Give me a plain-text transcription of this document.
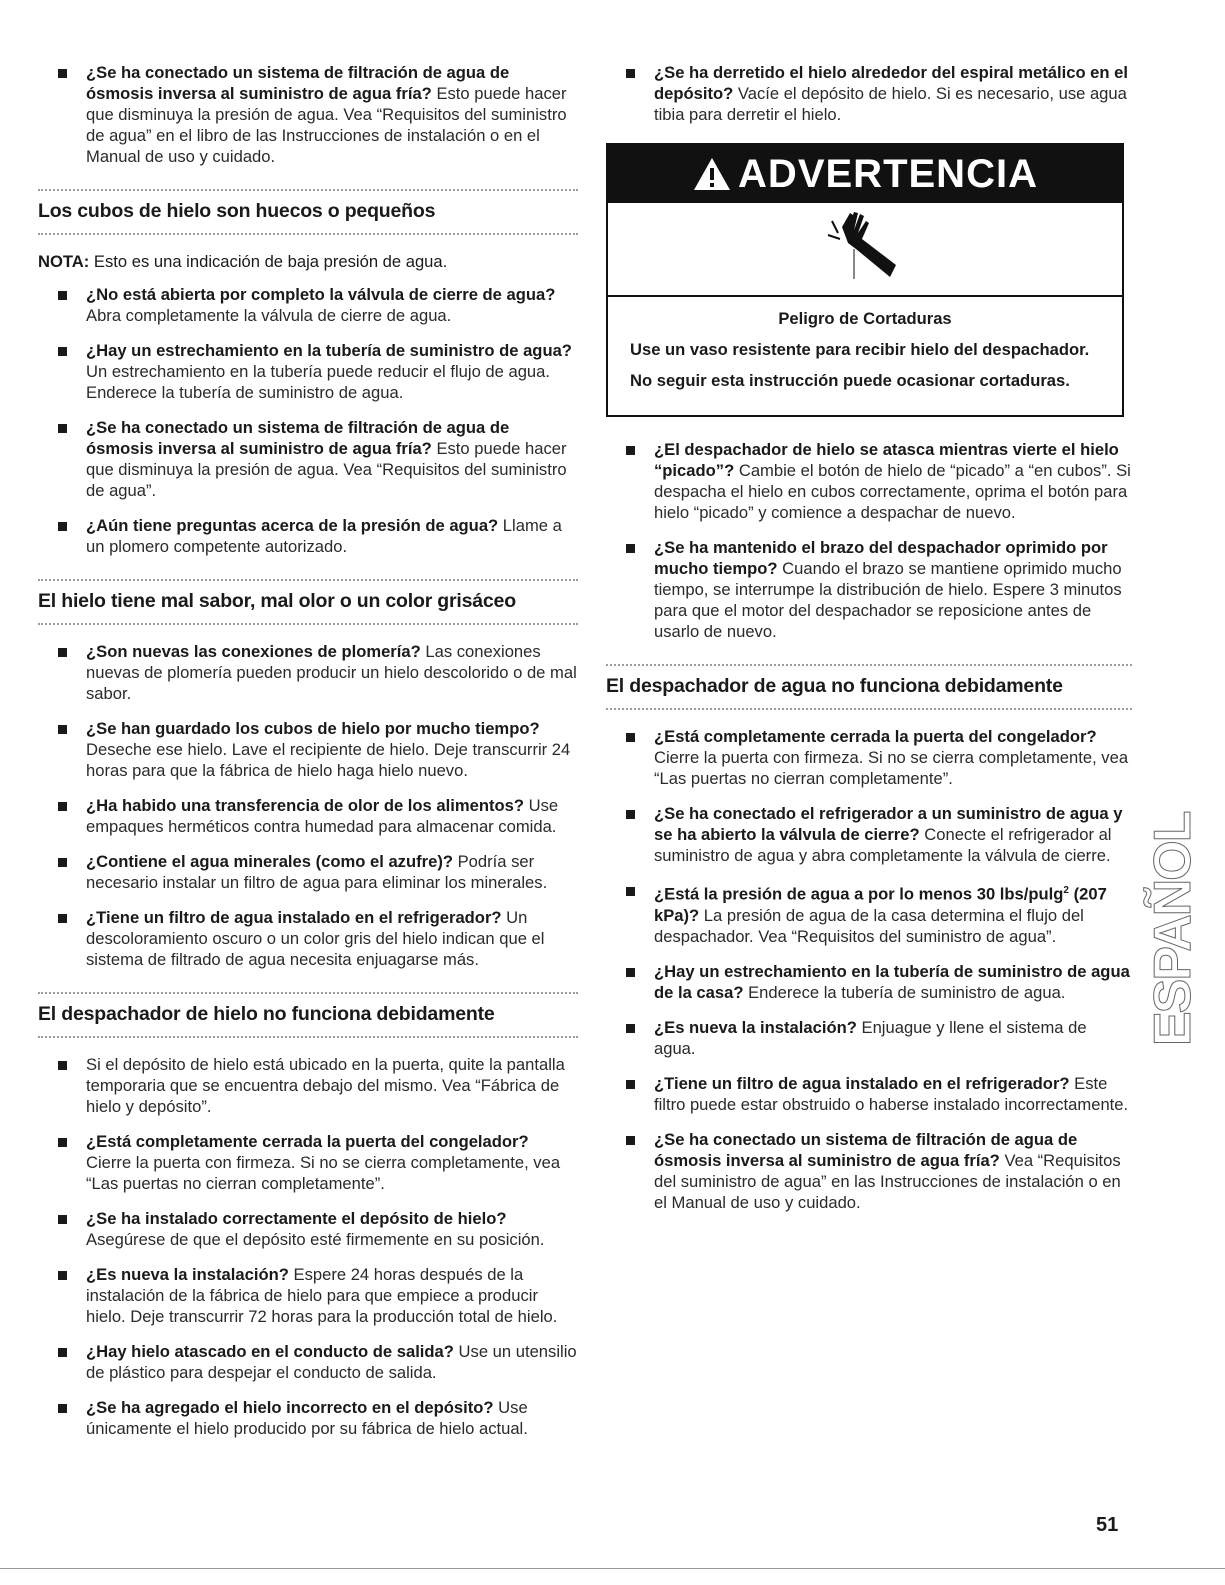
¿Se ha conectado un sistema de filtración de agua de ósmosis inversa al suministro de agua fría? Esto puede hacer que disminuya la presión de agua. Vea “Requisitos del suministro de agua” en el libro de las Instrucciones de instalación o en el Manual de uso y cuidado.
Los cubos de hielo son huecos o pequeños
NOTA: Esto es una indicación de baja presión de agua.
¿No está abierta por completo la válvula de cierre de agua? Abra completamente la válvula de cierre de agua.
¿Hay un estrechamiento en la tubería de suministro de agua? Un estrechamiento en la tubería puede reducir el flujo de agua. Enderece la tubería de suministro de agua.
¿Se ha conectado un sistema de filtración de agua de ósmosis inversa al suministro de agua fría? Esto puede hacer que disminuya la presión de agua. Vea “Requisitos del suministro de agua”.
¿Aún tiene preguntas acerca de la presión de agua? Llame a un plomero competente autorizado.
El hielo tiene mal sabor, mal olor o un color grisáceo
¿Son nuevas las conexiones de plomería? Las conexiones nuevas de plomería pueden producir un hielo descolorido o de mal sabor.
¿Se han guardado los cubos de hielo por mucho tiempo? Deseche ese hielo. Lave el recipiente de hielo. Deje transcurrir 24 horas para que la fábrica de hielo haga hielo nuevo.
¿Ha habido una transferencia de olor de los alimentos? Use empaques herméticos contra humedad para almacenar comida.
¿Contiene el agua minerales (como el azufre)? Podría ser necesario instalar un filtro de agua para eliminar los minerales.
¿Tiene un filtro de agua instalado en el refrigerador? Un descoloramiento oscuro o un color gris del hielo indican que el sistema de filtrado de agua necesita enjuagarse más.
El despachador de hielo no funciona debidamente
Si el depósito de hielo está ubicado en la puerta, quite la pantalla temporaria que se encuentra debajo del mismo. Vea “Fábrica de hielo y depósito”.
¿Está completamente cerrada la puerta del congelador? Cierre la puerta con firmeza. Si no se cierra completamente, vea “Las puertas no cierran completamente”.
¿Se ha instalado correctamente el depósito de hielo? Asegúrese de que el depósito esté firmemente en su posición.
¿Es nueva la instalación? Espere 24 horas después de la instalación de la fábrica de hielo para que empiece a producir hielo. Deje transcurrir 72 horas para la producción total de hielo.
¿Hay hielo atascado en el conducto de salida? Use un utensilio de plástico para despejar el conducto de salida.
¿Se ha agregado el hielo incorrecto en el depósito? Use únicamente el hielo producido por su fábrica de hielo actual.
¿Se ha derretido el hielo alrededor del espiral metálico en el depósito? Vacíe el depósito de hielo. Si es necesario, use agua tibia para derretir el hielo.
ADVERTENCIA
Peligro de Cortaduras
Use un vaso resistente para recibir hielo del despachador.
No seguir esta instrucción puede ocasionar cortaduras.
¿El despachador de hielo se atasca mientras vierte el hielo “picado”? Cambie el botón de hielo de “picado” a “en cubos”. Si despacha el hielo en cubos correctamente, oprima el botón para hielo “picado” y comience a despachar de nuevo.
¿Se ha mantenido el brazo del despachador oprimido por mucho tiempo? Cuando el brazo se mantiene oprimido mucho tiempo, se interrumpe la distribución de hielo. Espere 3 minutos para que el motor del despachador se reposicione antes de usarlo de nuevo.
El despachador de agua no funciona debidamente
¿Está completamente cerrada la puerta del congelador? Cierre la puerta con firmeza. Si no se cierra completamente, vea “Las puertas no cierran completamente”.
¿Se ha conectado el refrigerador a un suministro de agua y se ha abierto la válvula de cierre? Conecte el refrigerador al suministro de agua y abra completamente la válvula de cierre.
¿Está la presión de agua a por lo menos 30 lbs/pulg$^2$ (207 kPa)? La presión de agua de la casa determina el flujo del despachador. Vea “Requisitos del suministro de agua”.
¿Hay un estrechamiento en la tubería de suministro de agua de la casa? Enderece la tubería de suministro de agua.
¿Es nueva la instalación? Enjuague y llene el sistema de agua.
¿Tiene un filtro de agua instalado en el refrigerador? Este filtro puede estar obstruido o haberse instalado incorrectamente.
¿Se ha conectado un sistema de filtración de agua de ósmosis inversa al suministro de agua fría? Vea “Requisitos del suministro de agua” en las Instrucciones de instalación o en el Manual de uso y cuidado.
ESPAÑOL
51
